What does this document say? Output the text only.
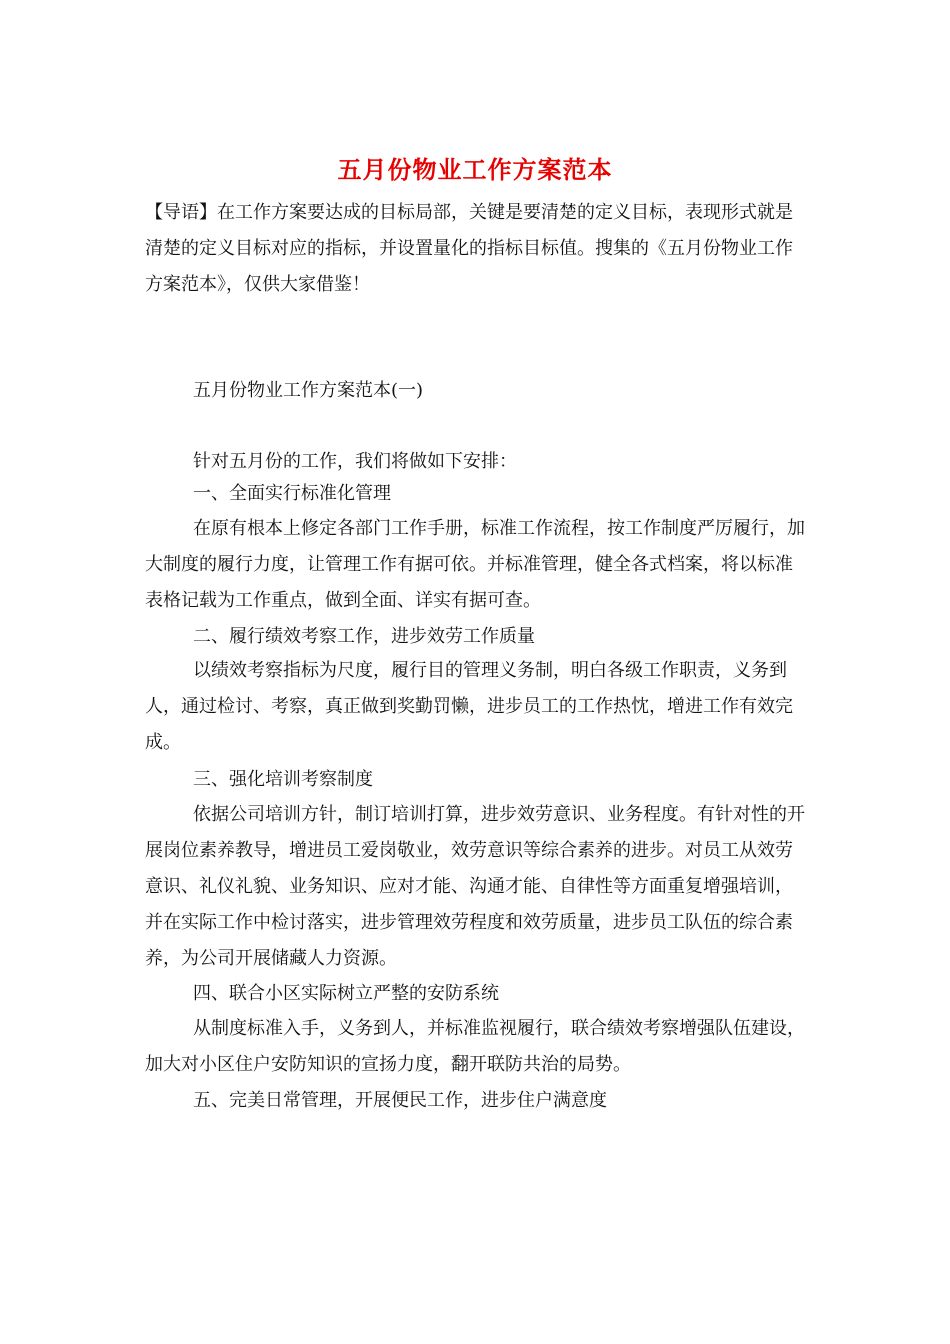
五月份物业工作方案范本
【导语】在工作方案要达成的目标局部，关键是要清楚的定义目标，表现形式就是清楚的定义目标对应的指标，并设置量化的指标目标值。搜集的《五月份物业工作方案范本》，仅供大家借鉴！
五月份物业工作方案范本(一)
针对五月份的工作，我们将做如下安排：
一、全面实行标准化管理
在原有根本上修定各部门工作手册，标准工作流程，按工作制度严厉履行，加大制度的履行力度，让管理工作有据可依。并标准管理，健全各式档案，将以标准表格记载为工作重点，做到全面、详实有据可查。
二、履行绩效考察工作，进步效劳工作质量
以绩效考察指标为尺度，履行目的管理义务制，明白各级工作职责，义务到人，通过检讨、考察，真正做到奖勤罚懒，进步员工的工作热忱，增进工作有效完成。
三、强化培训考察制度
依据公司培训方针，制订培训打算，进步效劳意识、业务程度。有针对性的开展岗位素养教导，增进员工爱岗敬业，效劳意识等综合素养的进步。对员工从效劳意识、礼仪礼貌、业务知识、应对才能、沟通才能、自律性等方面重复增强培训，并在实际工作中检讨落实，进步管理效劳程度和效劳质量，进步员工队伍的综合素养，为公司开展储藏人力资源。
四、联合小区实际树立严整的安防系统
从制度标准入手，义务到人，并标准监视履行，联合绩效考察增强队伍建设，加大对小区住户安防知识的宣扬力度，翻开联防共治的局势。
五、完美日常管理，开展便民工作，进步住户满意度
